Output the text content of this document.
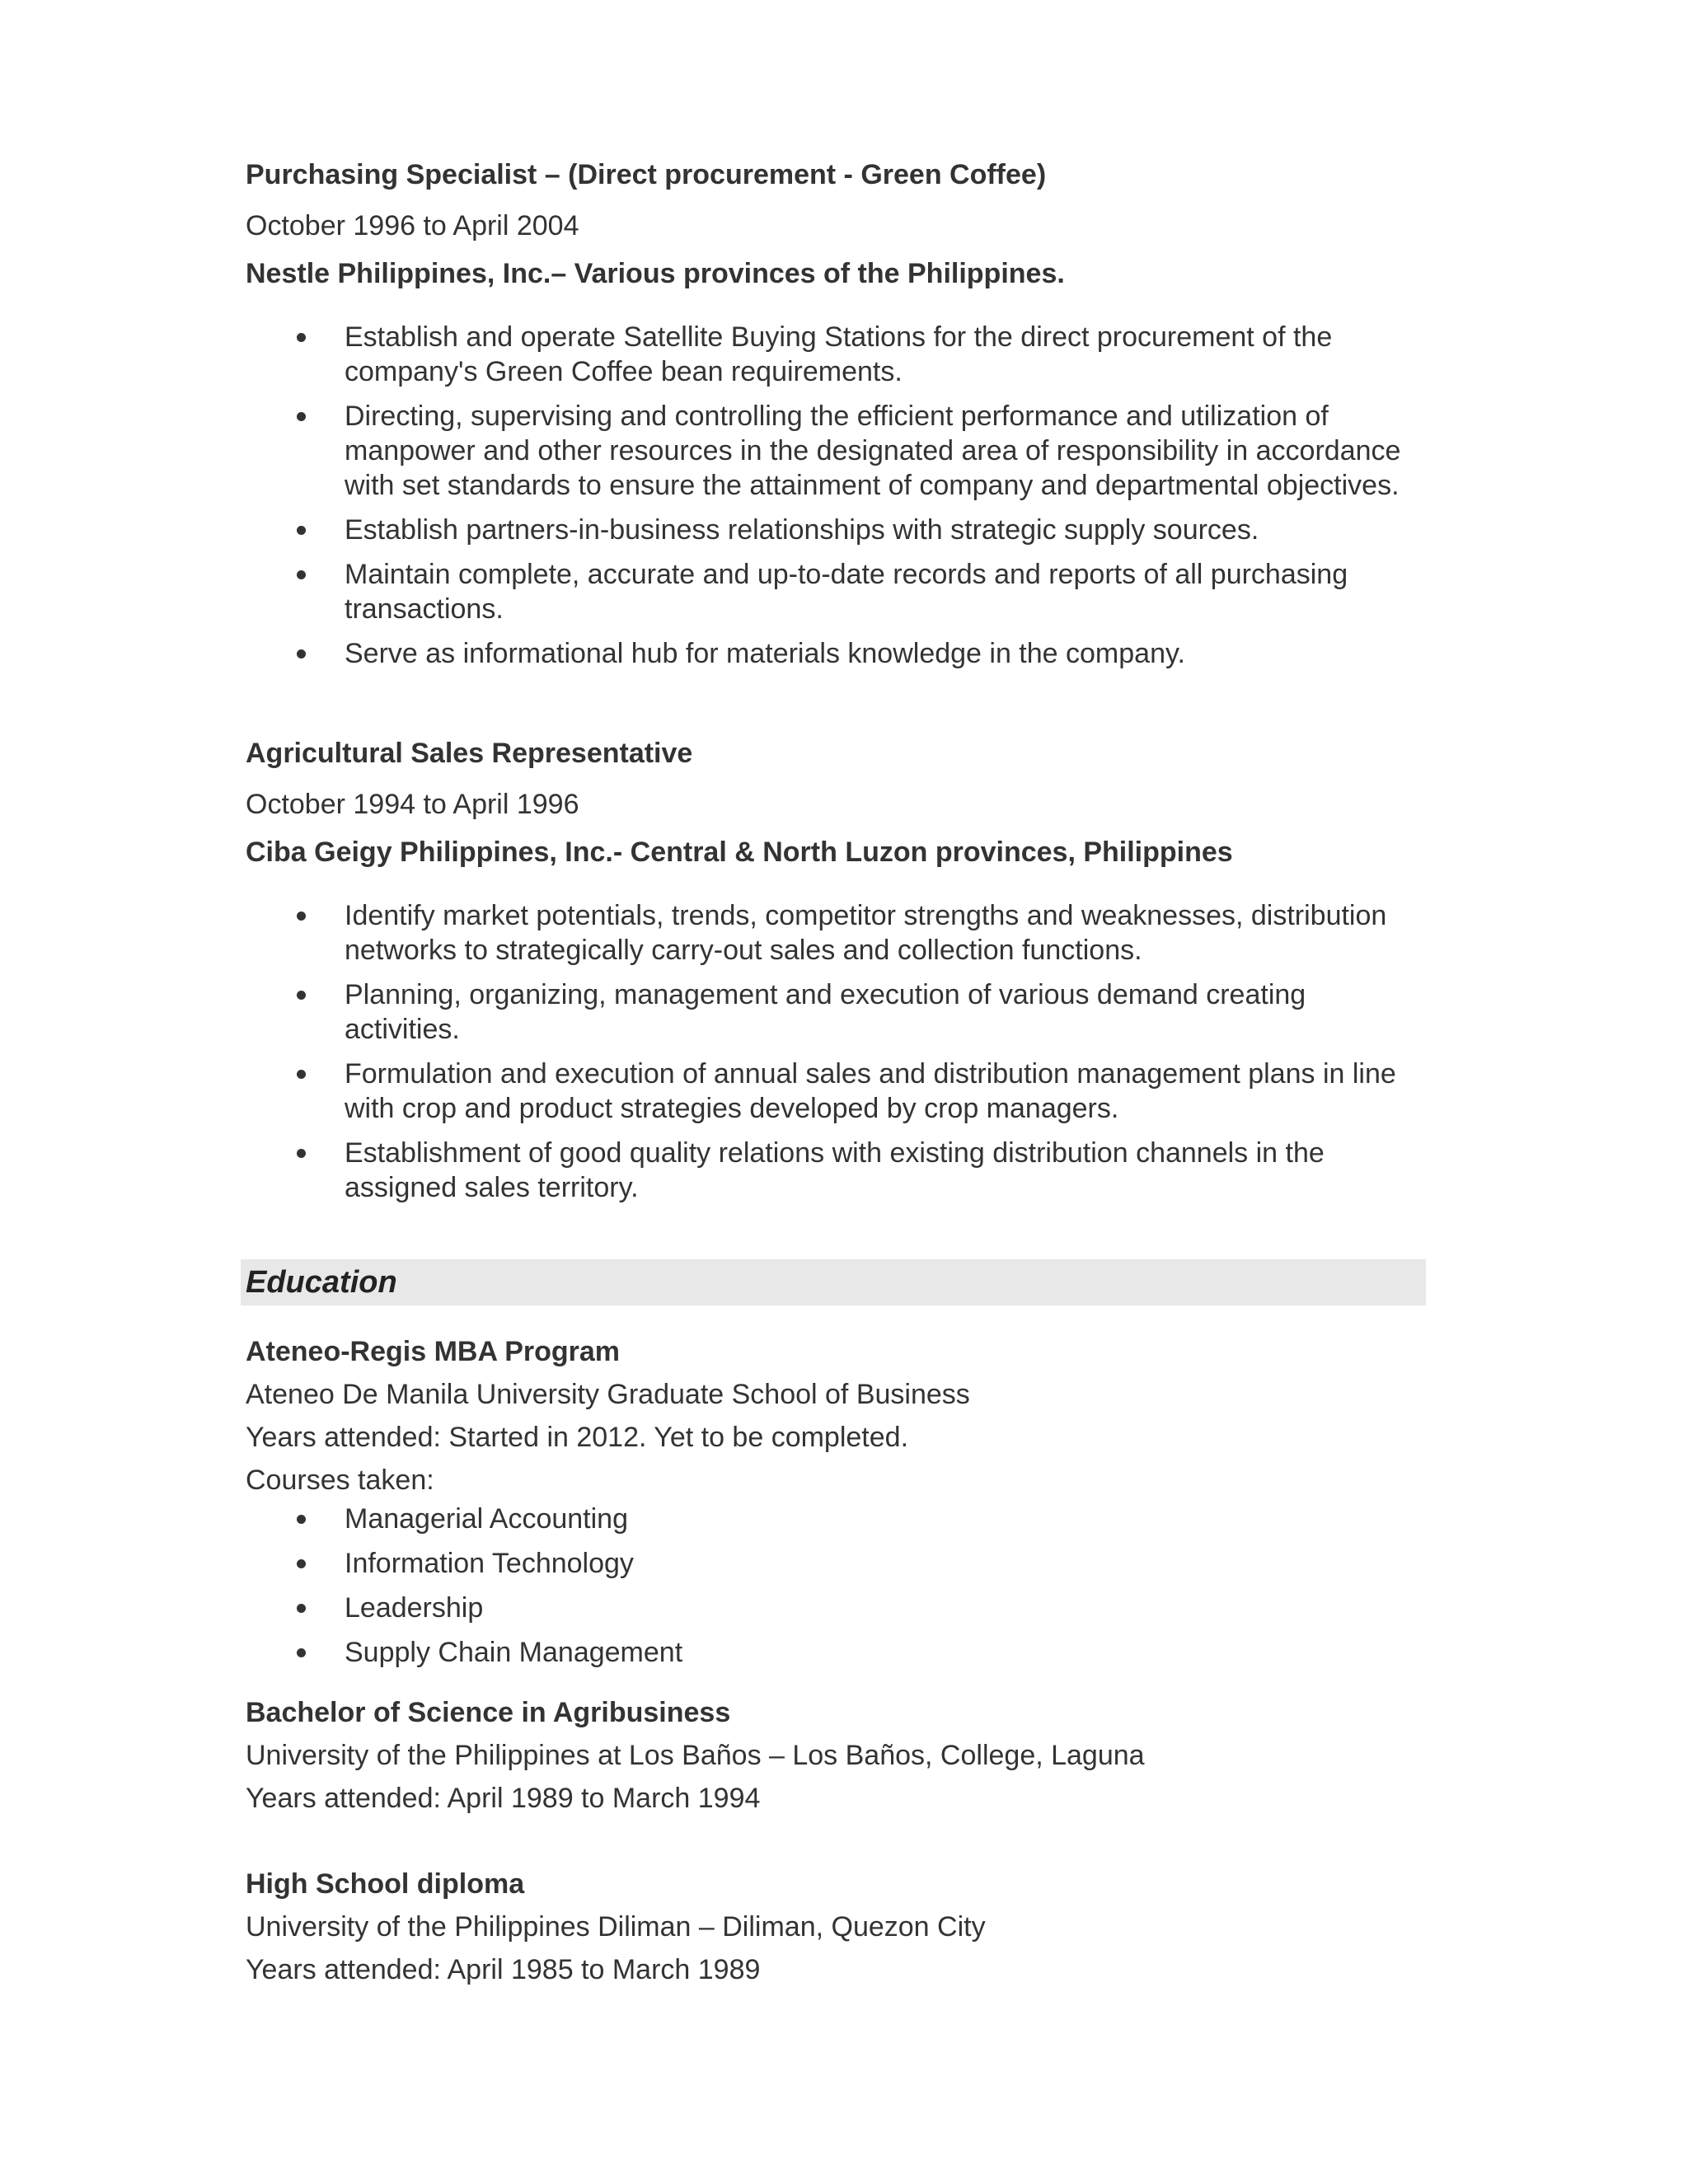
Purchasing Specialist – (Direct procurement - Green Coffee)

October 1996 to April 2004

Nestle Philippines, Inc.– Various provinces of the Philippines.

Establish and operate Satellite Buying Stations for the direct procurement of the company's Green Coffee bean requirements.
Directing, supervising and controlling the efficient performance and utilization of manpower and other resources in the designated area of responsibility in accordance with set standards to ensure the attainment of company and departmental objectives.
Establish partners-in-business relationships with strategic supply sources.
Maintain complete, accurate and up-to-date records and reports of all purchasing transactions.
Serve as informational hub for materials knowledge in the company.

Agricultural Sales Representative

October 1994 to April 1996

Ciba Geigy Philippines, Inc.- Central & North Luzon provinces, Philippines

Identify market potentials, trends, competitor strengths and weaknesses, distribution networks to strategically carry-out sales and collection functions.
Planning, organizing, management and execution of various demand creating activities.
Formulation and execution of annual sales and distribution management plans in line with crop and product strategies developed by crop managers.
Establishment of good quality relations with existing distribution channels in the assigned sales territory.
Education

Ateneo-Regis MBA Program

Ateneo De Manila University Graduate School of Business

Years attended: Started in 2012. Yet to be completed.

Courses taken:

Managerial Accounting
Information Technology
Leadership
Supply Chain Management

Bachelor of Science in Agribusiness

University of the Philippines at Los Baños – Los Baños, College, Laguna

Years attended: April 1989 to March 1994

High School diploma

University of the Philippines Diliman – Diliman, Quezon City

Years attended: April 1985 to March 1989
